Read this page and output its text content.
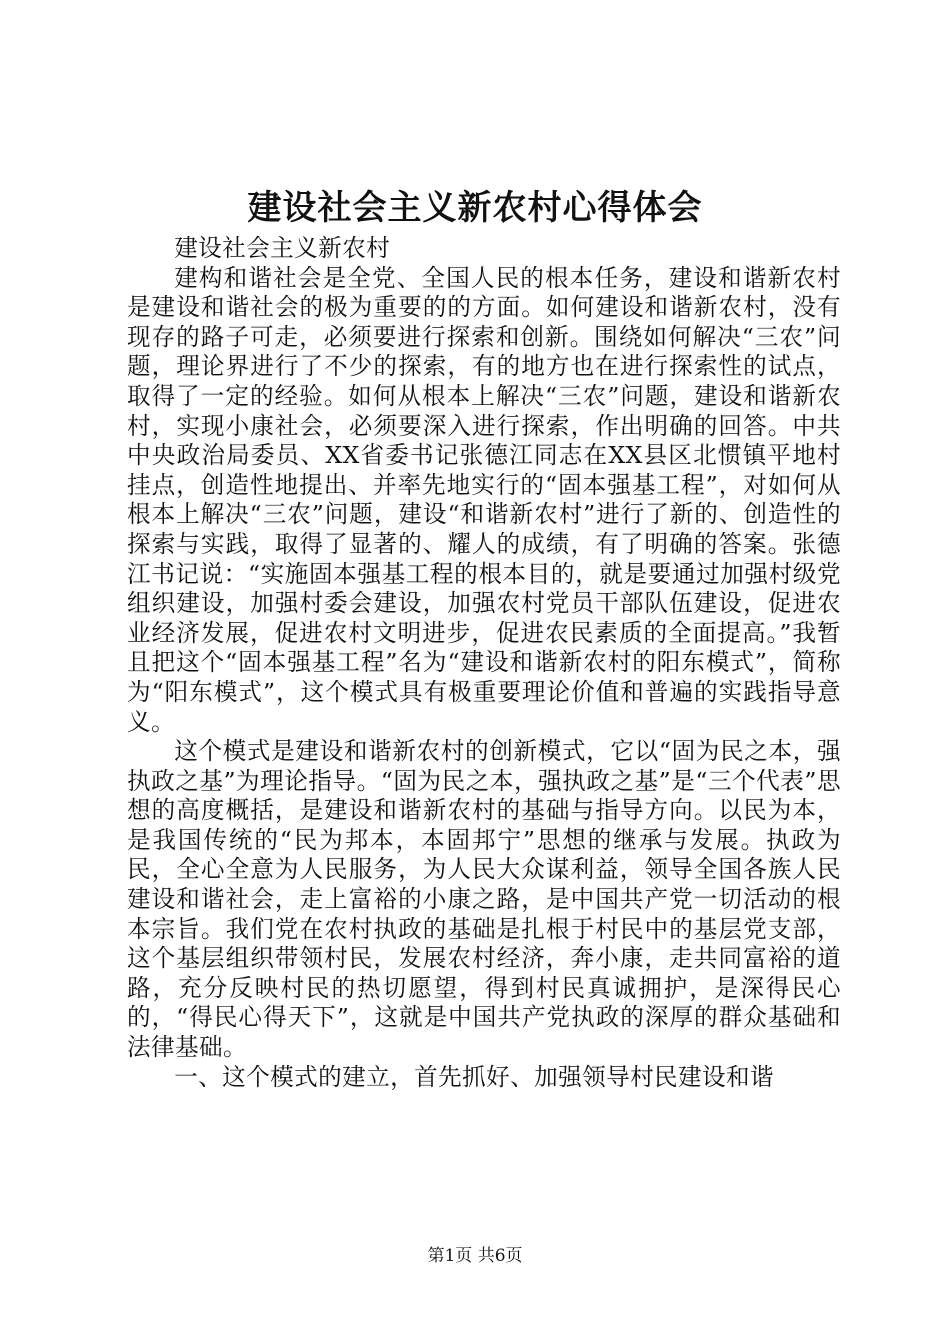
建设社会主义新农村心得体会

建设社会主义新农村

建构和谐社会是全党、全国人民的根本任务，建设和谐新农村是建设和谐社会的极为重要的的方面。如何建设和谐新农村，没有现存的路子可走，必须要进行探索和创新。围绕如何解决“三农”问题，理论界进行了不少的探索，有的地方也在进行探索性的试点，取得了一定的经验。如何从根本上解决“三农”问题，建设和谐新农村，实现小康社会，必须要深入进行探索，作出明确的回答。中共中央政治局委员、XX省委书记张德江同志在XX县区北惯镇平地村挂点，创造性地提出、并率先地实行的“固本强基工程”，对如何从根本上解决“三农”问题，建设“和谐新农村”进行了新的、创造性的探索与实践，取得了显著的、耀人的成绩，有了明确的答案。张德江书记说：“实施固本强基工程的根本目的，就是要通过加强村级党组织建设，加强村委会建设，加强农村党员干部队伍建设，促进农业经济发展，促进农村文明进步，促进农民素质的全面提高。”我暂且把这个“固本强基工程”名为“建设和谐新农村的阳东模式”，简称为“阳东模式”，这个模式具有极重要理论价值和普遍的实践指导意义。

这个模式是建设和谐新农村的创新模式，它以“固为民之本，强执政之基”为理论指导。“固为民之本，强执政之基”是“三个代表”思想的高度概括，是建设和谐新农村的基础与指导方向。以民为本，是我国传统的“民为邦本，本固邦宁”思想的继承与发展。执政为民，全心全意为人民服务，为人民大众谋利益，领导全国各族人民建设和谐社会，走上富裕的小康之路，是中国共产党一切活动的根本宗旨。我们党在农村执政的基础是扎根于村民中的基层党支部，这个基层组织带领村民，发展农村经济，奔小康，走共同富裕的道路，充分反映村民的热切愿望，得到村民真诚拥护，是深得民心的，“得民心得天下”，这就是中国共产党执政的深厚的群众基础和法律基础。

一、这个模式的建立，首先抓好、加强领导村民建设和谐

第1页 共6页
